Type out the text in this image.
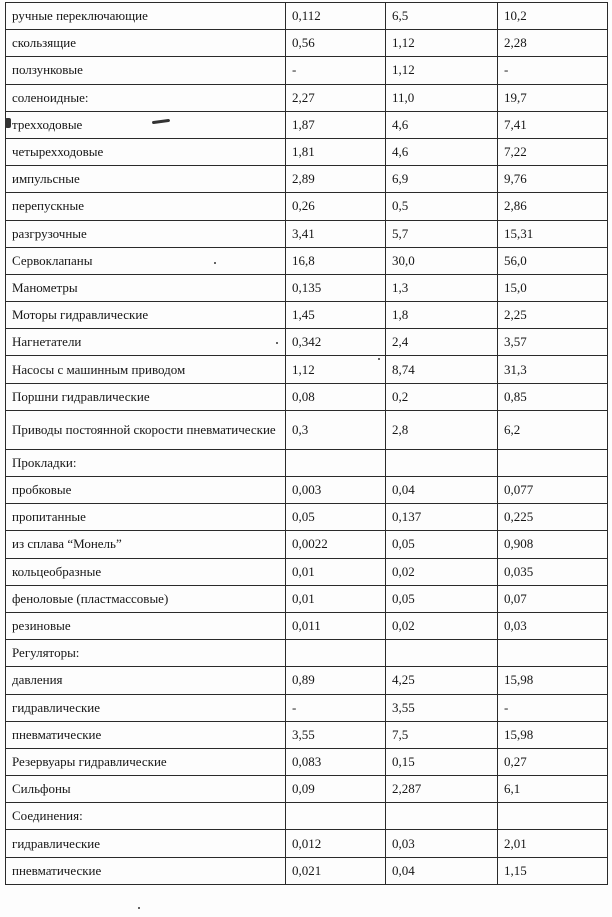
ручные переключающие	0,112	6,5	10,2
скользящие	0,56	1,12	2,28
ползунковые	-	1,12	-
соленоидные:	2,27	11,0	19,7
трехходовые	1,87	4,6	7,41
четырехходовые	1,81	4,6	7,22
импульсные	2,89	6,9	9,76
перепускные	0,26	0,5	2,86
разгрузочные	3,41	5,7	15,31
Сервоклапаны	16,8	30,0	56,0
Манометры	0,135	1,3	15,0
Моторы гидравлические	1,45	1,8	2,25
Нагнетатели	0,342	2,4	3,57
Насосы с машинным приводом	1,12	8,74	31,3
Поршни гидравлические	0,08	0,2	0,85
Приводы постоянной скорости пневматические	0,3	2,8	6,2
Прокладки:			
пробковые	0,003	0,04	0,077
пропитанные	0,05	0,137	0,225
из сплава “Монель”	0,0022	0,05	0,908
кольцеобразные	0,01	0,02	0,035
феноловые (пластмассовые)	0,01	0,05	0,07
резиновые	0,011	0,02	0,03
Регуляторы:			
давления	0,89	4,25	15,98
гидравлические	-	3,55	-
пневматические	3,55	7,5	15,98
Резервуары гидравлические	0,083	0,15	0,27
Сильфоны	0,09	2,287	6,1
Соединения:			
гидравлические	0,012	0,03	2,01
пневматические	0,021	0,04	1,15
